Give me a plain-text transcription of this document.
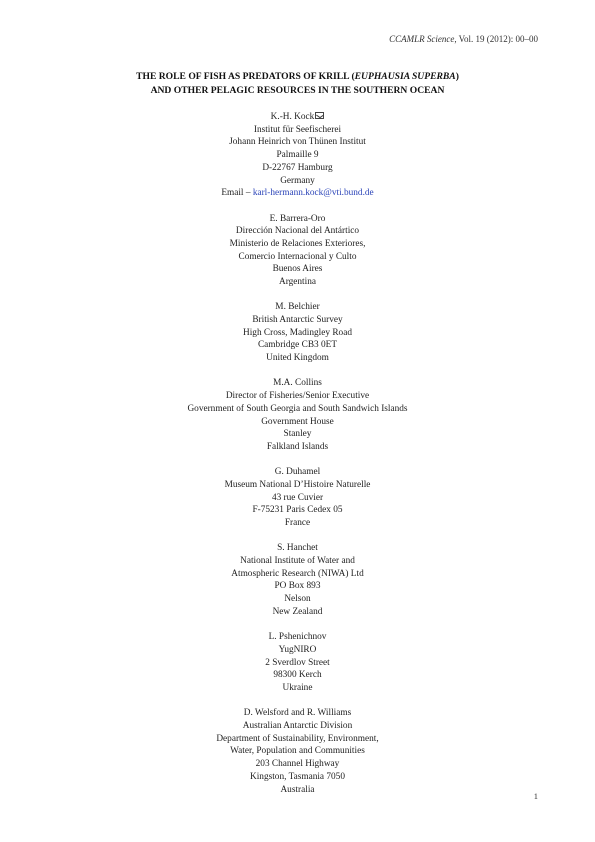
CCAMLR Science, Vol. 19 (2012): 00–00
THE ROLE OF FISH AS PREDATORS OF KRILL (EUPHAUSIA SUPERBA)
AND OTHER PELAGIC RESOURCES IN THE SOUTHERN OCEAN
K.-H. Kock
Institut für Seefischerei
Johann Heinrich von Thünen Institut
Palmaille 9
D-22767 Hamburg
Germany
Email – karl-hermann.kock@vti.bund.de
E. Barrera-Oro
Dirección Nacional del Antártico
Ministerio de Relaciones Exteriores,
Comercio Internacional y Culto
Buenos Aires
Argentina
M. Belchier
British Antarctic Survey
High Cross, Madingley Road
Cambridge CB3 0ET
United Kingdom
M.A. Collins
Director of Fisheries/Senior Executive
Government of South Georgia and South Sandwich Islands
Government House
Stanley
Falkland Islands
G. Duhamel
Museum National D’Histoire Naturelle
43 rue Cuvier
F-75231 Paris Cedex 05
France
S. Hanchet
National Institute of Water and
Atmospheric Research (NIWA) Ltd
PO Box 893
Nelson
New Zealand
L. Pshenichnov
YugNIRO
2 Sverdlov Street
98300 Kerch
Ukraine
D. Welsford and R. Williams
Australian Antarctic Division
Department of Sustainability, Environment,
Water, Population and Communities
203 Channel Highway
Kingston, Tasmania 7050
Australia
1
